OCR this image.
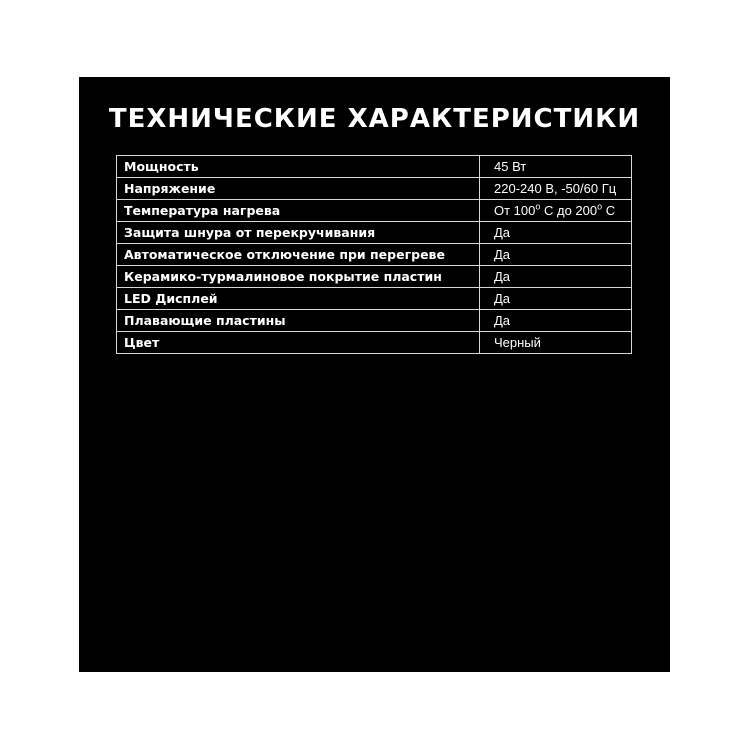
ТЕХНИЧЕСКИЕ ХАРАКТЕРИСТИКИ
Мощность	45 Вт
Напряжение	220-240 В, -50/60 Гц
Температура нагрева	От $100^о$ С до $200^о$ С
Защита шнура от перекручивания	Да
Автоматическое отключение при перегреве	Да
Керамико-турмалиновое покрытие пластин	Да
LED Дисплей	Да
Плавающие пластины	Да
Цвет	Черный
